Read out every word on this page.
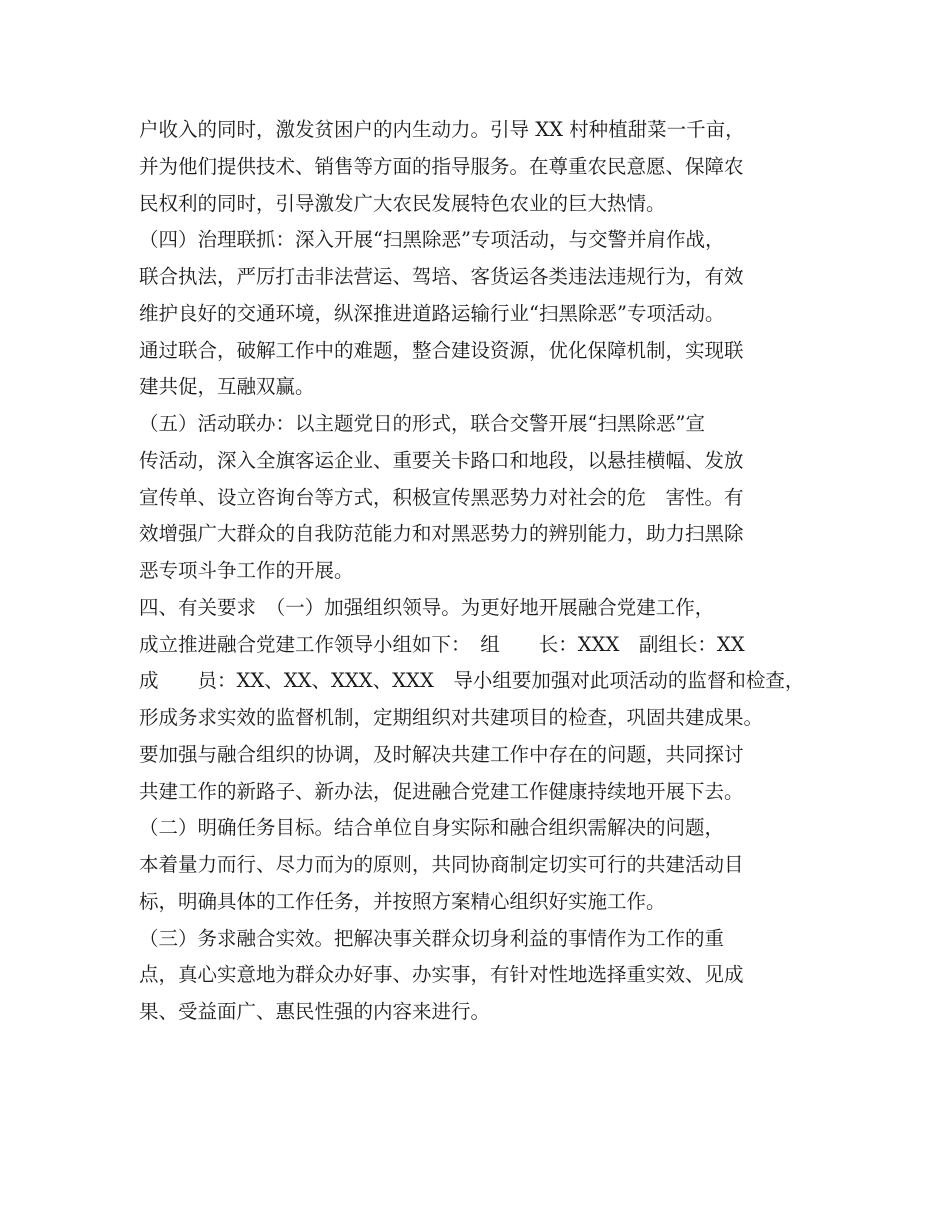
户收入的同时，激发贫困户的内生动力。引导 XX 村种植甜菜一千亩，
并为他们提供技术、销售等方面的指导服务。在尊重农民意愿、保障农
民权利的同时，引导激发广大农民发展特色农业的巨大热情。
（四）治理联抓：深入开展“扫黑除恶”专项活动，与交警并肩作战，
联合执法，严厉打击非法营运、驾培、客货运各类违法违规行为，有效
维护良好的交通环境，纵深推进道路运输行业“扫黑除恶”专项活动。
通过联合，破解工作中的难题，整合建设资源，优化保障机制，实现联
建共促，互融双赢。
（五）活动联办：以主题党日的形式，联合交警开展“扫黑除恶”宣
传活动，深入全旗客运企业、重要关卡路口和地段，以悬挂横幅、发放
宣传单、设立咨询台等方式，积极宣传黑恶势力对社会的危　害性。有
效增强广大群众的自我防范能力和对黑恶势力的辨别能力，助力扫黑除
恶专项斗争工作的开展。
四、有关要求　（一）加强组织领导。为更好地开展融合党建工作，
成立推进融合党建工作领导小组如下：　组　　长：XXX　副组长：XX
成　　员：XX、XX、XXX、XXX　导小组要加强对此项活动的监督和检查，
形成务求实效的监督机制，定期组织对共建项目的检查，巩固共建成果。
要加强与融合组织的协调，及时解决共建工作中存在的问题，共同探讨
共建工作的新路子、新办法，促进融合党建工作健康持续地开展下去。
（二）明确任务目标。结合单位自身实际和融合组织需解决的问题，
本着量力而行、尽力而为的原则，共同协商制定切实可行的共建活动目
标，明确具体的工作任务，并按照方案精心组织好实施工作。
（三）务求融合实效。把解决事关群众切身利益的事情作为工作的重
点，真心实意地为群众办好事、办实事，有针对性地选择重实效、见成
果、受益面广、惠民性强的内容来进行。
